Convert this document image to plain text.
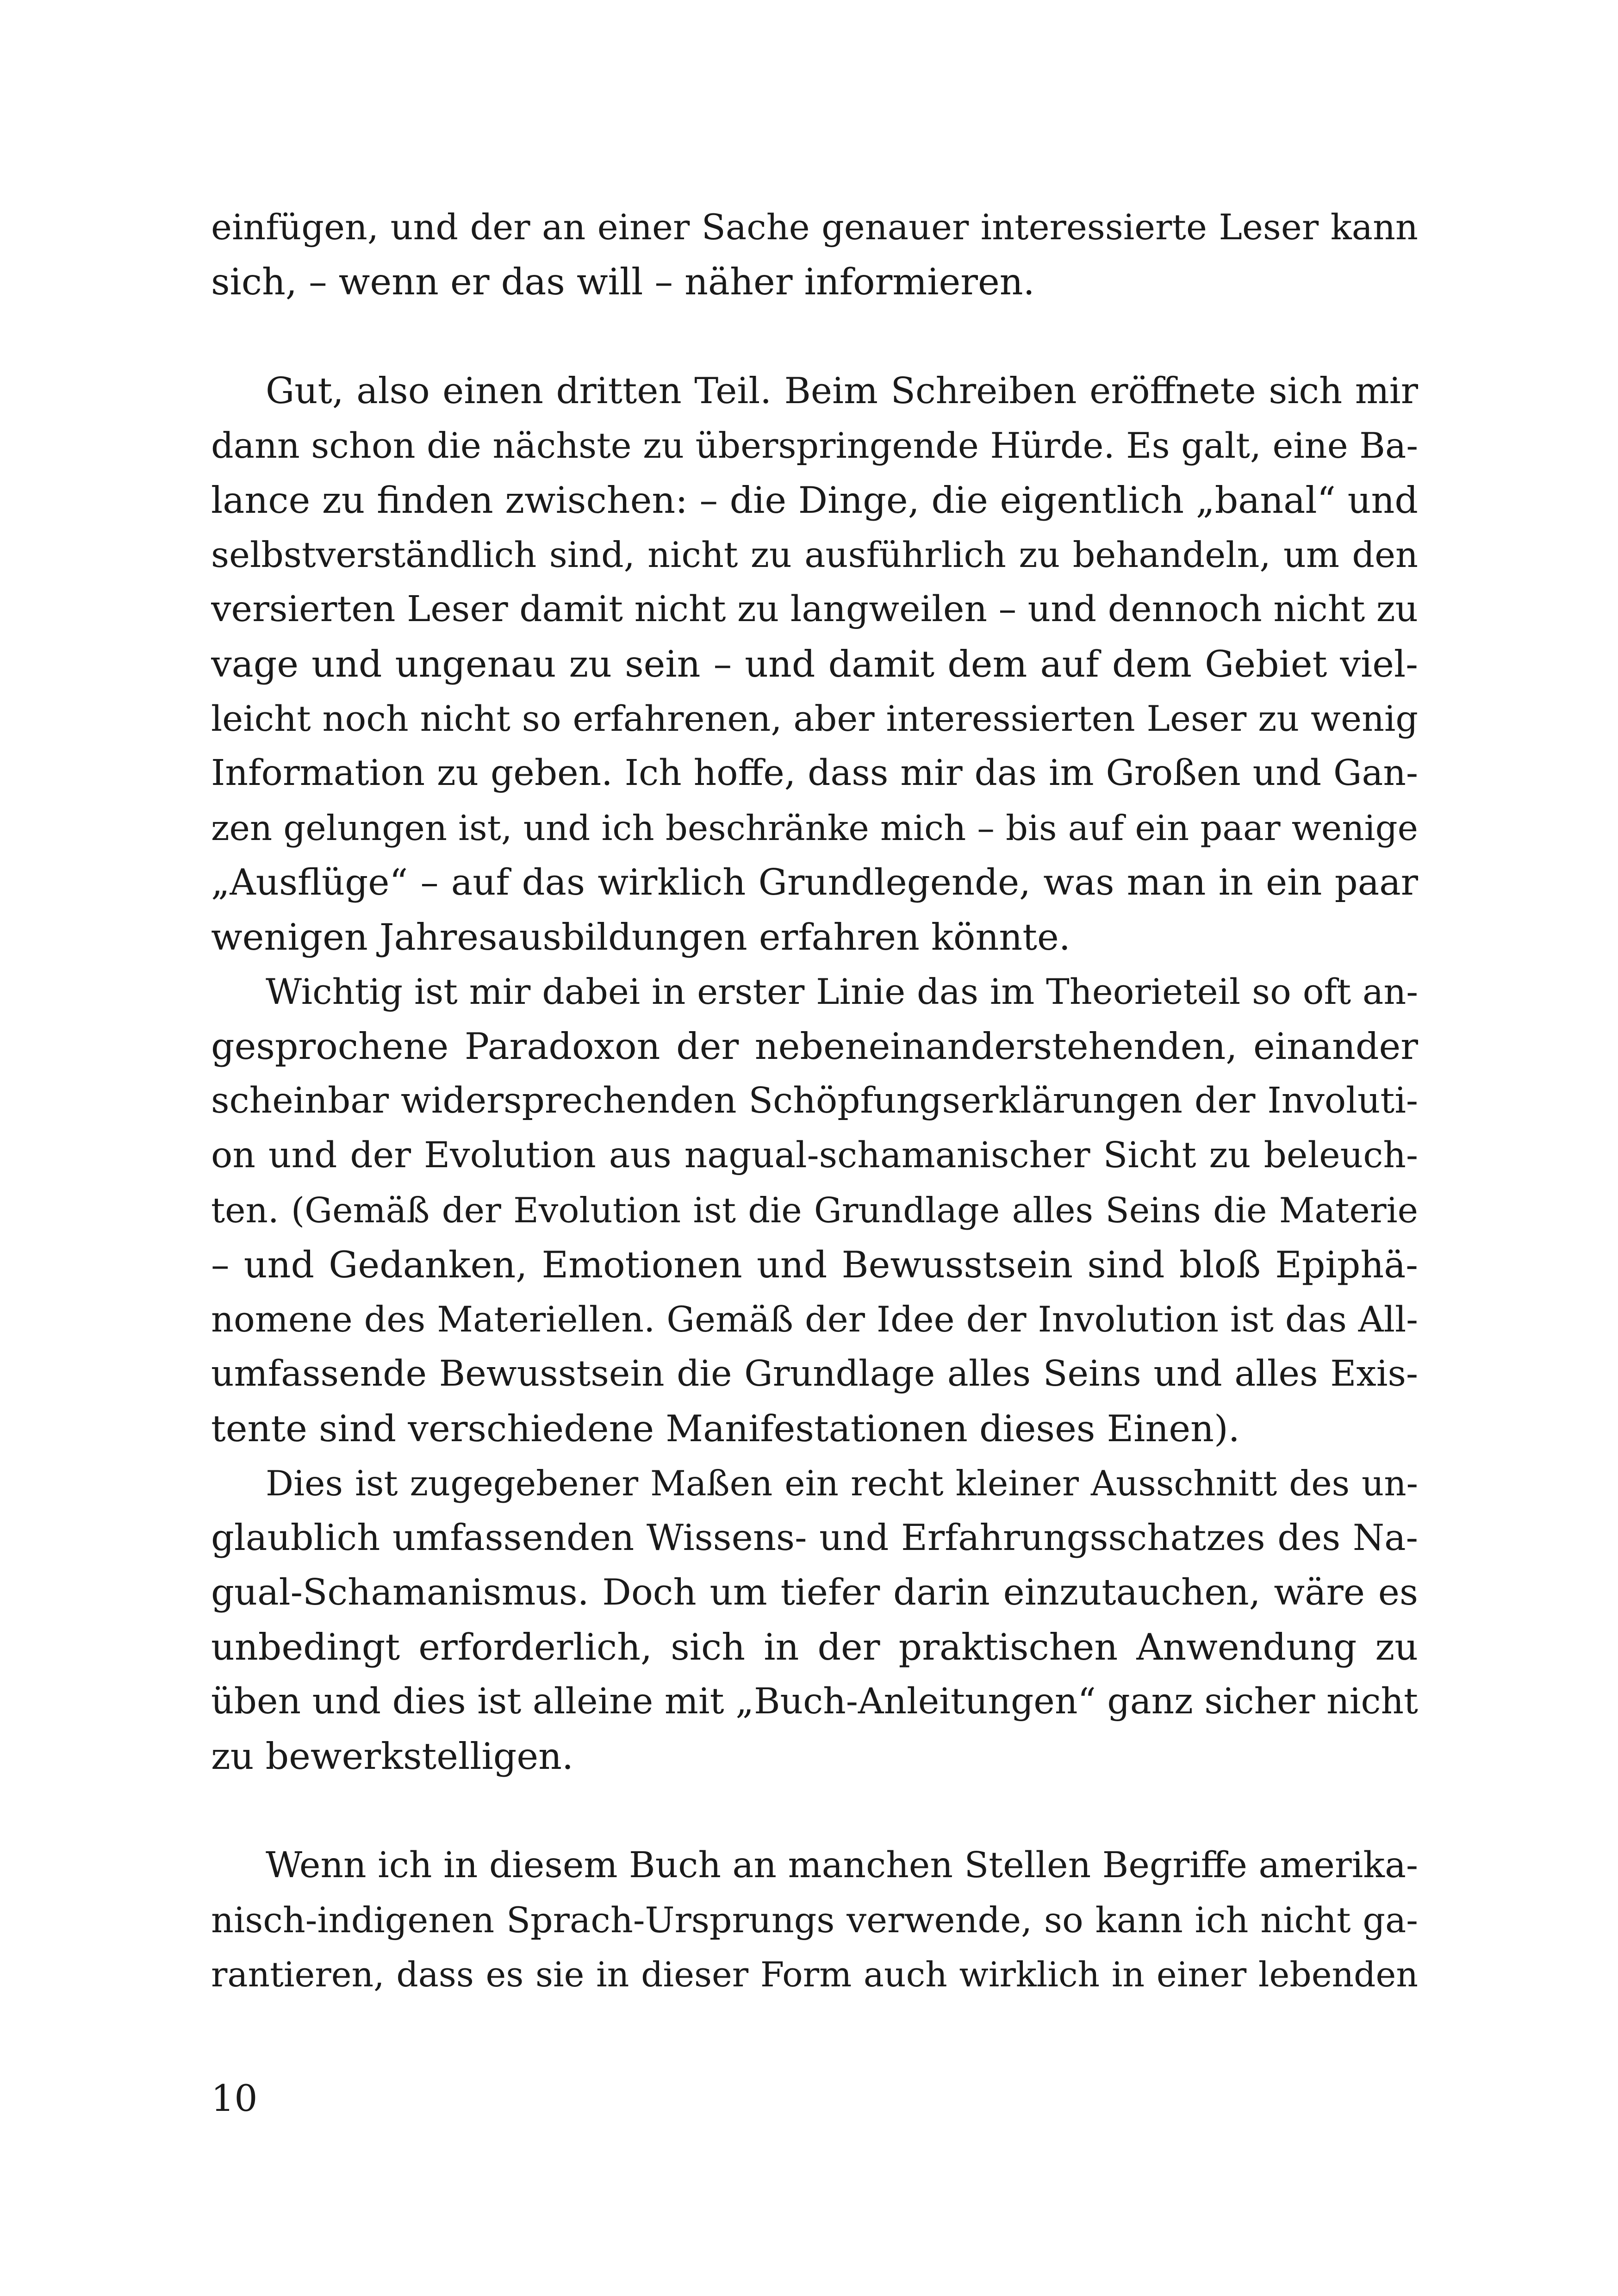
einfügen, und der an einer Sache genauer interessierte Leser kann
sich, – wenn er das will – näher informieren.
Gut, also einen dritten Teil. Beim Schreiben eröffnete sich mir
dann schon die nächste zu überspringende Hürde. Es galt, eine Ba-
lance zu finden zwischen: – die Dinge, die eigentlich „banal“ und
selbstverständlich sind, nicht zu ausführlich zu behandeln, um den
versierten Leser damit nicht zu langweilen – und dennoch nicht zu
vage und ungenau zu sein – und damit dem auf dem Gebiet viel-
leicht noch nicht so erfahrenen, aber interessierten Leser zu wenig
Information zu geben. Ich hoffe, dass mir das im Großen und Gan-
zen gelungen ist, und ich beschränke mich – bis auf ein paar wenige
„Ausflüge“ – auf das wirklich Grundlegende, was man in ein paar
wenigen Jahresausbildungen erfahren könnte.
Wichtig ist mir dabei in erster Linie das im Theorieteil so oft an-
gesprochene Paradoxon der nebeneinanderstehenden, einander
scheinbar widersprechenden Schöpfungserklärungen der Involuti-
on und der Evolution aus nagual-schamanischer Sicht zu beleuch-
ten. (Gemäß der Evolution ist die Grundlage alles Seins die Materie
– und Gedanken, Emotionen und Bewusstsein sind bloß Epiphä-
nomene des Materiellen. Gemäß der Idee der Involution ist das All-
umfassende Bewusstsein die Grundlage alles Seins und alles Exis-
tente sind verschiedene Manifestationen dieses Einen).
Dies ist zugegebener Maßen ein recht kleiner Ausschnitt des un-
glaublich umfassenden Wissens- und Erfahrungsschatzes des Na-
gual-Schamanismus. Doch um tiefer darin einzutauchen, wäre es
unbedingt erforderlich, sich in der praktischen Anwendung zu
üben und dies ist alleine mit „Buch-Anleitungen“ ganz sicher nicht
zu bewerkstelligen.
Wenn ich in diesem Buch an manchen Stellen Begriffe amerika-
nisch-indigenen Sprach-Ursprungs verwende, so kann ich nicht ga-
rantieren, dass es sie in dieser Form auch wirklich in einer lebenden
10
